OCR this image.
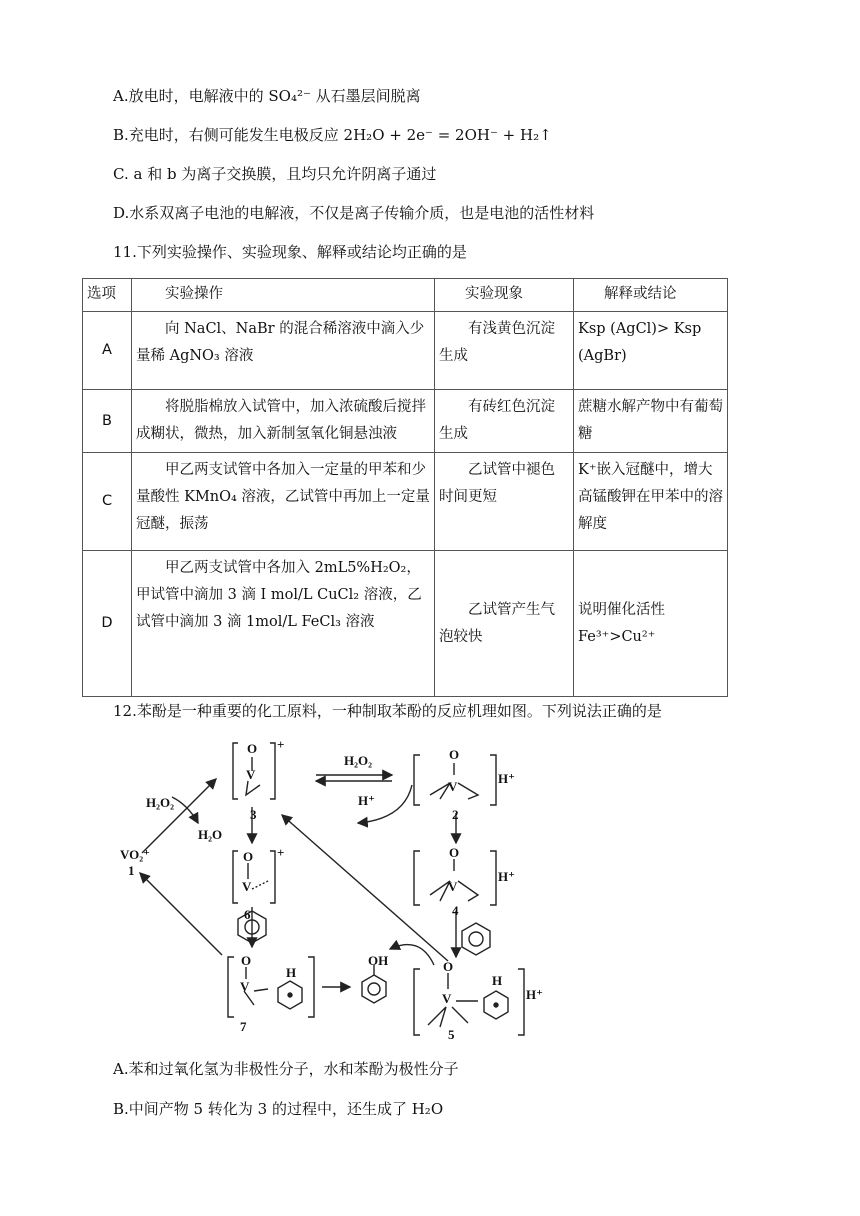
A.放电时，电解液中的 SO₄²⁻ 从石墨层间脱离
B.充电时，右侧可能发生电极反应 2H₂O + 2e⁻ = 2OH⁻ + H₂↑
C. a 和 b 为离子交换膜，且均只允许阴离子通过
D.水系双离子电池的电解液，不仅是离子传输介质，也是电池的活性材料
11.下列实验操作、实验现象、解释或结论均正确的是
选项	实验操作	实验现象	解释或结论
A	向 NaCl、NaBr 的混合稀溶液中滴入少量稀 AgNO₃ 溶液	有浅黄色沉淀生成	Ksp (AgCl)> Ksp (AgBr)
B	将脱脂棉放入试管中，加入浓硫酸后搅拌成糊状，微热，加入新制氢氧化铜悬浊液	有砖红色沉淀生成	蔗糖水解产物中有葡萄糖
C	甲乙两支试管中各加入一定量的甲苯和少量酸性 KMnO₄ 溶液，乙试管中再加上一定量冠醚，振荡	乙试管中褪色时间更短	K⁺嵌入冠醚中，增大高锰酸钾在甲苯中的溶解度
D	甲乙两支试管中各加入 2mL5%H₂O₂，甲试管中滴加 3 滴 I mol/L CuCl₂ 溶液，乙试管中滴加 3 滴 1mol/L FeCl₃ 溶液	乙试管产生气泡较快	说明催化活性 Fe³⁺>Cu²⁺
12.苯酚是一种重要的化工原料，一种制取苯酚的反应机理如图。下列说法正确的是
O
V
+
3
H₂O₂
H⁺
O
V
H⁺
2
O
V
+
6
O
V
H⁺
4
O
V
H
7
OH	O
V
H
H⁺
5
VO₂⁺
1
H₂O₂
H₂O
A.苯和过氧化氢为非极性分子，水和苯酚为极性分子
B.中间产物 5 转化为 3 的过程中，还生成了 H₂O
